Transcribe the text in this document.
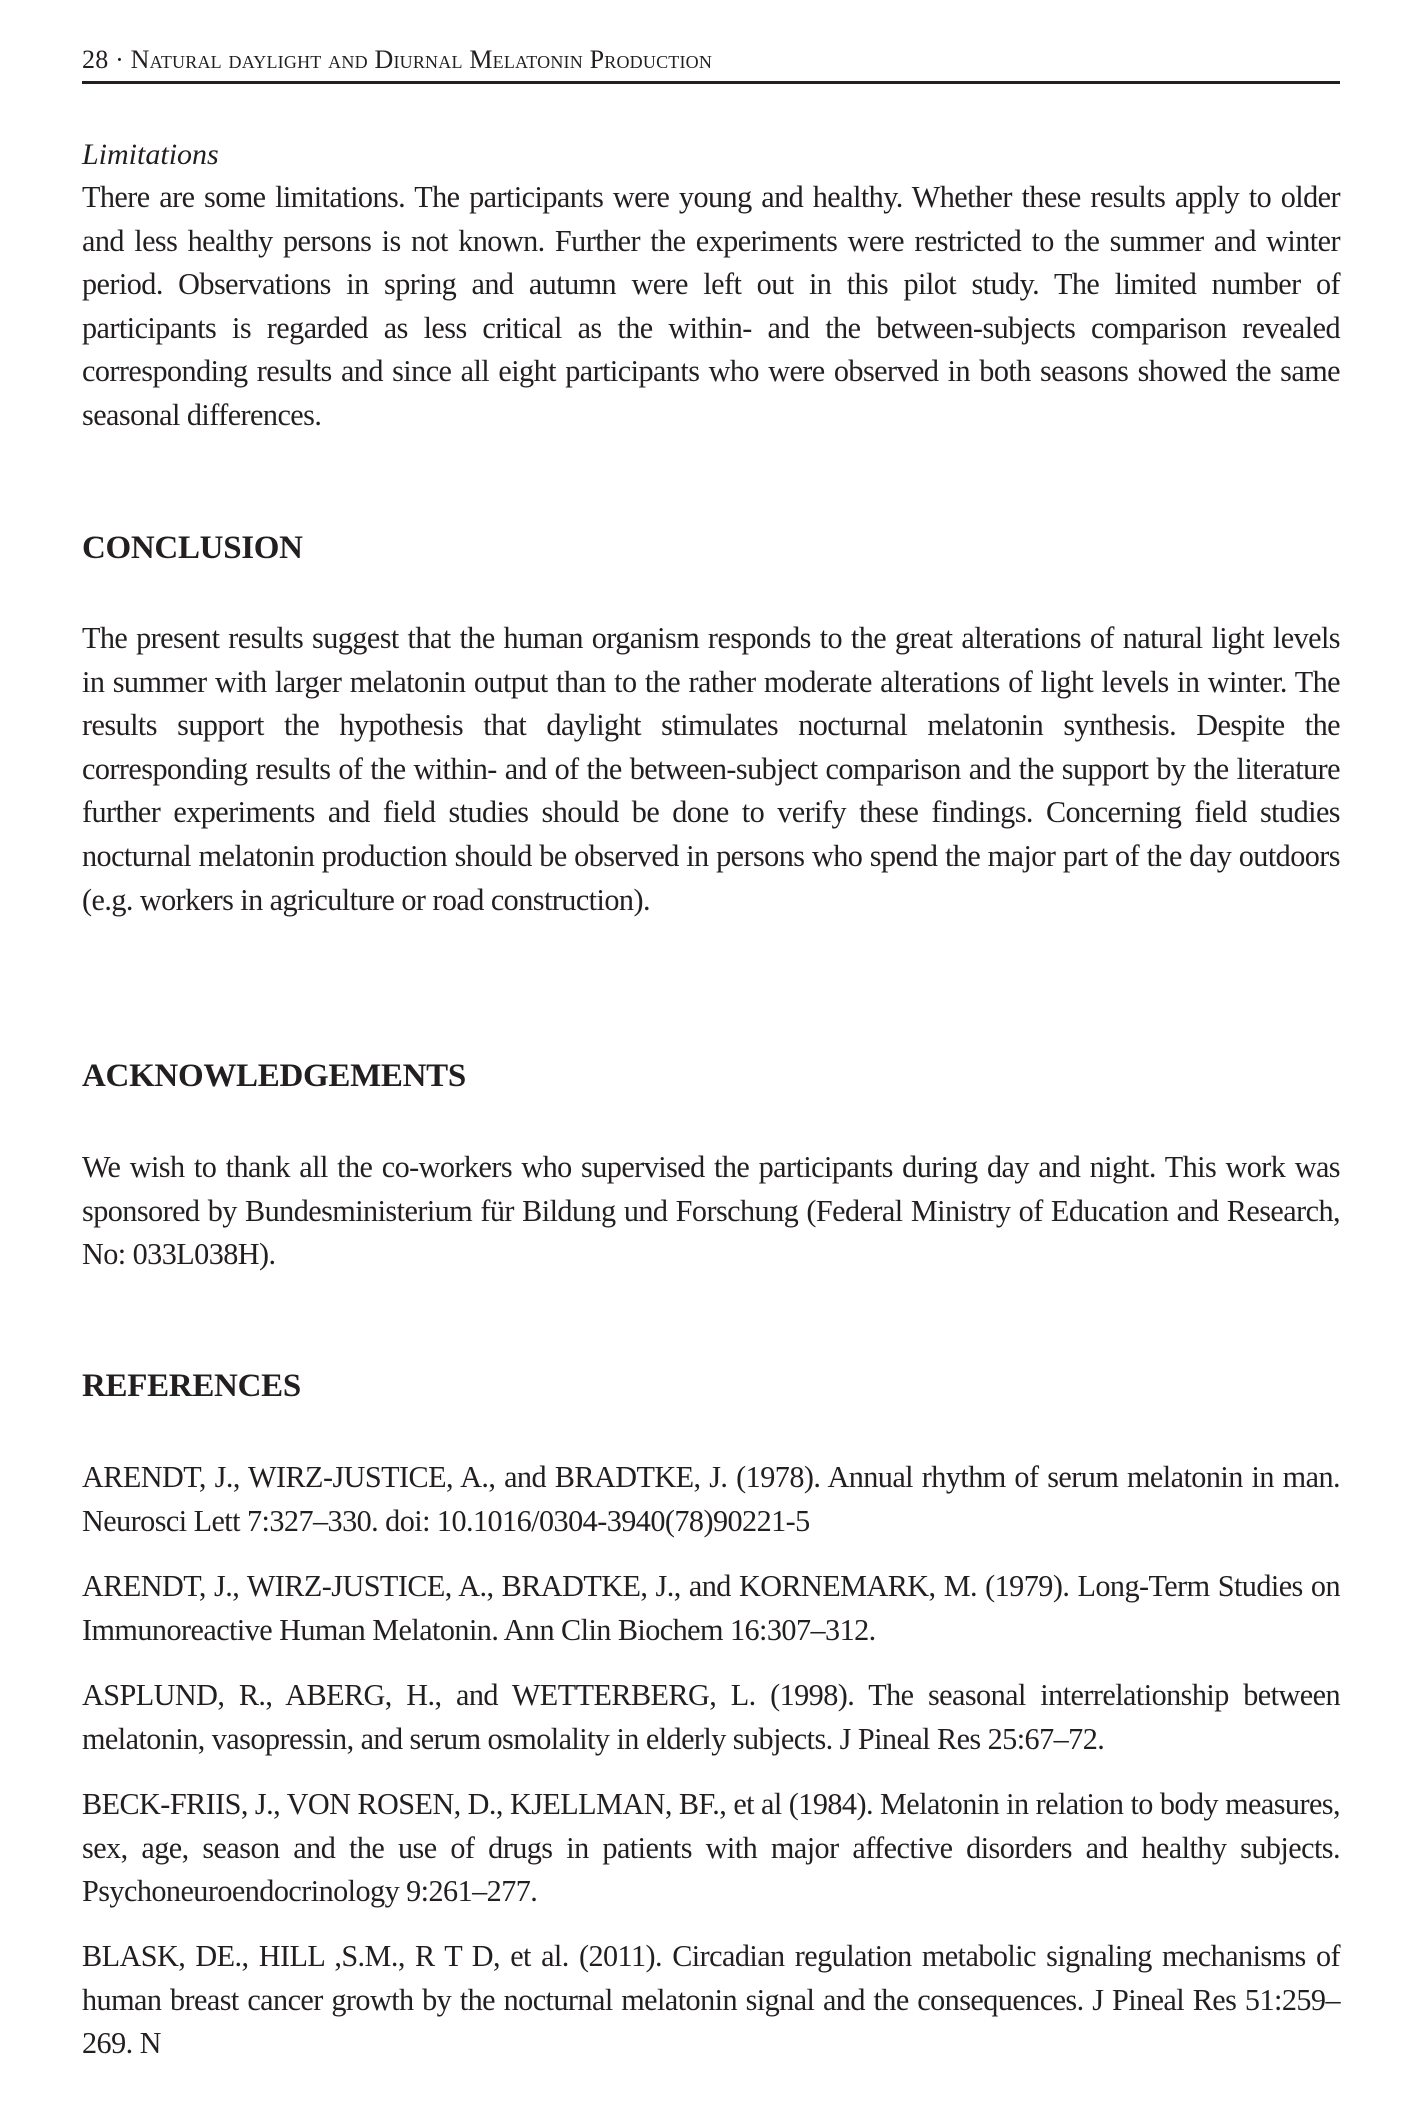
28 · Natural daylight and Diurnal Melatonin Production
Limitations
There are some limitations. The participants were young and healthy. Whether these results apply to older and less healthy persons is not known. Further the experiments were restricted to the summer and winter period. Observations in spring and autumn were left out in this pilot study. The limited number of participants is regarded as less critical as the within- and the between-subjects comparison revealed corresponding results and since all eight participants who were observed in both seasons showed the same seasonal differences.
CONCLUSION
The present results suggest that the human organism responds to the great alterations of natural light levels in summer with larger melatonin output than to the rather moderate alterations of light levels in winter. The results support the hypothesis that daylight stimulates nocturnal melatonin synthesis. Despite the corresponding results of the within- and of the between-subject comparison and the support by the literature further experiments and field studies should be done to verify these findings. Concerning field studies nocturnal melatonin production should be observed in persons who spend the major part of the day outdoors (e.g. workers in agriculture or road construction).
ACKNOWLEDGEMENTS
We wish to thank all the co-workers who supervised the participants during day and night. This work was sponsored by Bundesministerium für Bildung und Forschung (Federal Ministry of Education and Research, No: 033L038H).
REFERENCES
ARENDT, J., WIRZ-JUSTICE, A., and BRADTKE, J. (1978). Annual rhythm of serum melatonin in man. Neurosci Lett 7:327–330. doi: 10.1016/0304-3940(78)90221-5
ARENDT, J., WIRZ-JUSTICE, A., BRADTKE, J., and KORNEMARK, M. (1979). Long-Term Studies on Immunoreactive Human Melatonin. Ann Clin Biochem 16:307–312.
ASPLUND, R., ABERG, H., and WETTERBERG, L. (1998). The seasonal interrelationship between melatonin, vasopressin, and serum osmolality in elderly subjects. J Pineal Res 25:67–72.
BECK-FRIIS, J., VON ROSEN, D., KJELLMAN, BF., et al (1984). Melatonin in relation to body measures, sex, age, season and the use of drugs in patients with major affective disorders and healthy subjects. Psychoneuroendocrinology 9:261–277.
BLASK, DE., HILL ,S.M., R T D, et al. (2011). Circadian regulation metabolic signaling mechanisms of human breast cancer growth by the nocturnal melatonin signal and the consequences. J Pineal Res 51:259–269. N
